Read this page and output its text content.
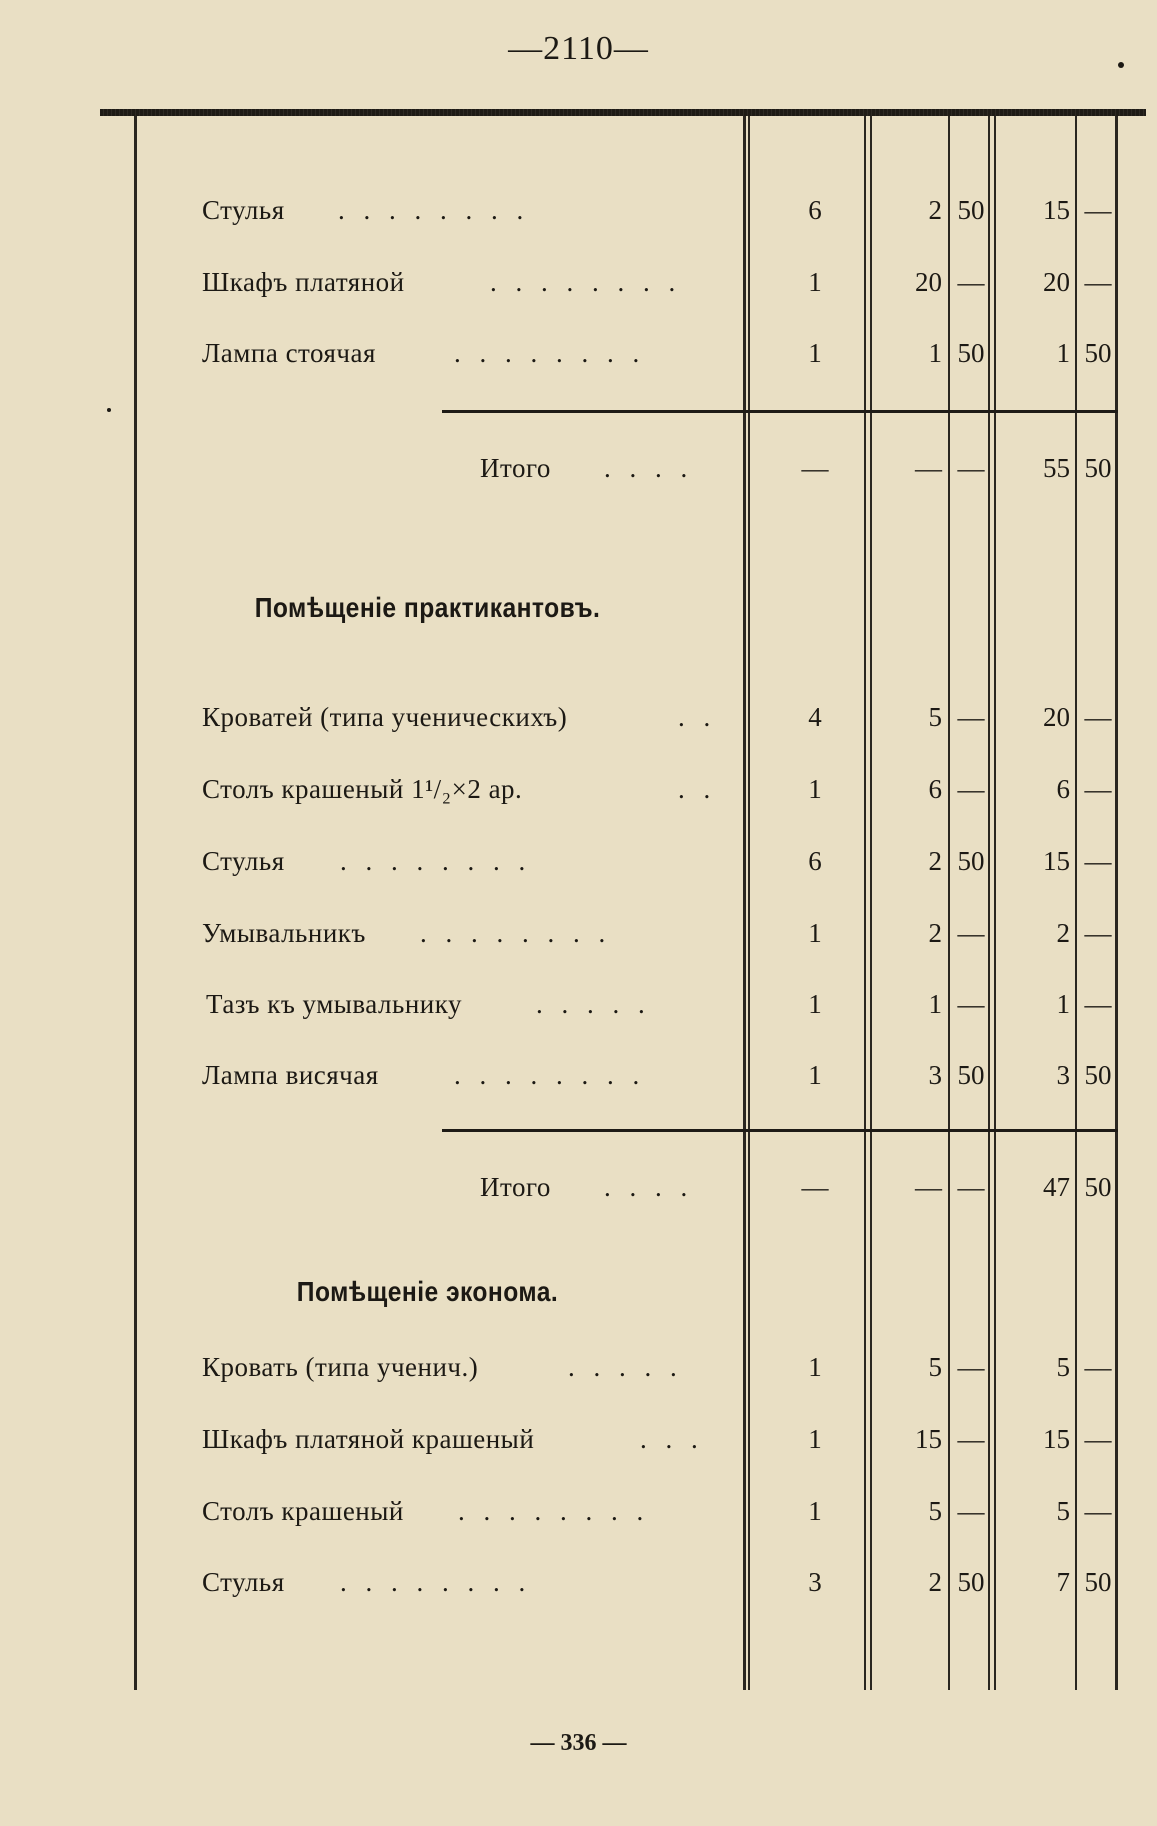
—2110—
Стулья . . . . . . . .	6	2 50	15 —
Шкафъ платяной	. . . . . . . .	1	20 —	20 —
Лампа стоячая	. . . . . . . .	1	1 50	1 50
Итого . . . .	—	— —	55 50
Помѣщеніе практикантовъ.
Кроватей (типа ученическихъ)	. .	4	5 —	20 —
Столъ крашеный 1¹/₂×2 ар.	. .	1	6 —	6 —
Стулья . . . . . . . .	6	2 50	15 —
Умывальникъ . . . . . . . .	1	2 —	2 —
Тазъ къ умывальнику	. . . . .	1	1 —	1 —
Лампа висячая	. . . . . . . .	1	3 50	3 50
Итого . . . .	—	— —	47 50
Помѣщеніе эконома.
Кровать (типа ученич.)	. . . . .	1	5 —	5 —
Шкафъ платяной крашеный	. . .	1	15 —	15 —
Столъ крашеный . . . . . . . .	1	5 —	5 —
Стулья . . . . . . . .	3	2 50	7 50
— 336 —
